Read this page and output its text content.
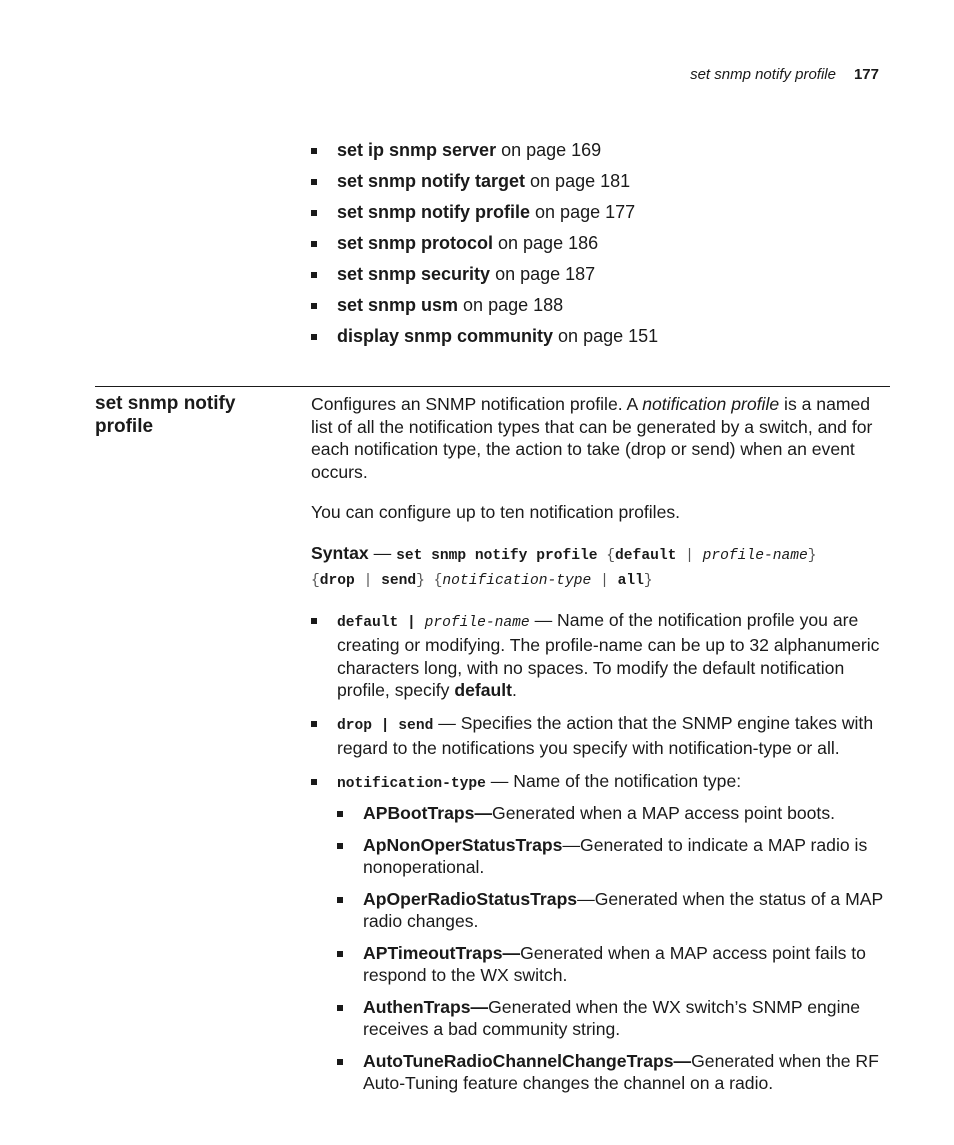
set snmp notify profile 177
set ip snmp server on page 169
set snmp notify target on page 181
set snmp notify profile on page 177
set snmp protocol on page 186
set snmp security on page 187
set snmp usm on page 188
display snmp community on page 151
set snmp notify profile

Configures an SNMP notification profile. A notification profile is a named list of all the notification types that can be generated by a switch, and for each notification type, the action to take (drop or send) when an event occurs.

You can configure up to ten notification profiles.

Syntax — set snmp notify profile {default | profile-name}
{drop | send} {notification-type | all}

default | profile-name — Name of the notification profile you are creating or modifying. The profile-name can be up to 32 alphanumeric characters long, with no spaces. To modify the default notification profile, specify default.
drop | send — Specifies the action that the SNMP engine takes with regard to the notifications you specify with notification-type or all.
notification-type — Name of the notification type:
APBootTraps—Generated when a MAP access point boots.
ApNonOperStatusTraps—Generated to indicate a MAP radio is nonoperational.
ApOperRadioStatusTraps—Generated when the status of a MAP radio changes.
APTimeoutTraps—Generated when a MAP access point fails to respond to the WX switch.
AuthenTraps—Generated when the WX switch’s SNMP engine receives a bad community string.
AutoTuneRadioChannelChangeTraps—Generated when the RF Auto-Tuning feature changes the channel on a radio.
